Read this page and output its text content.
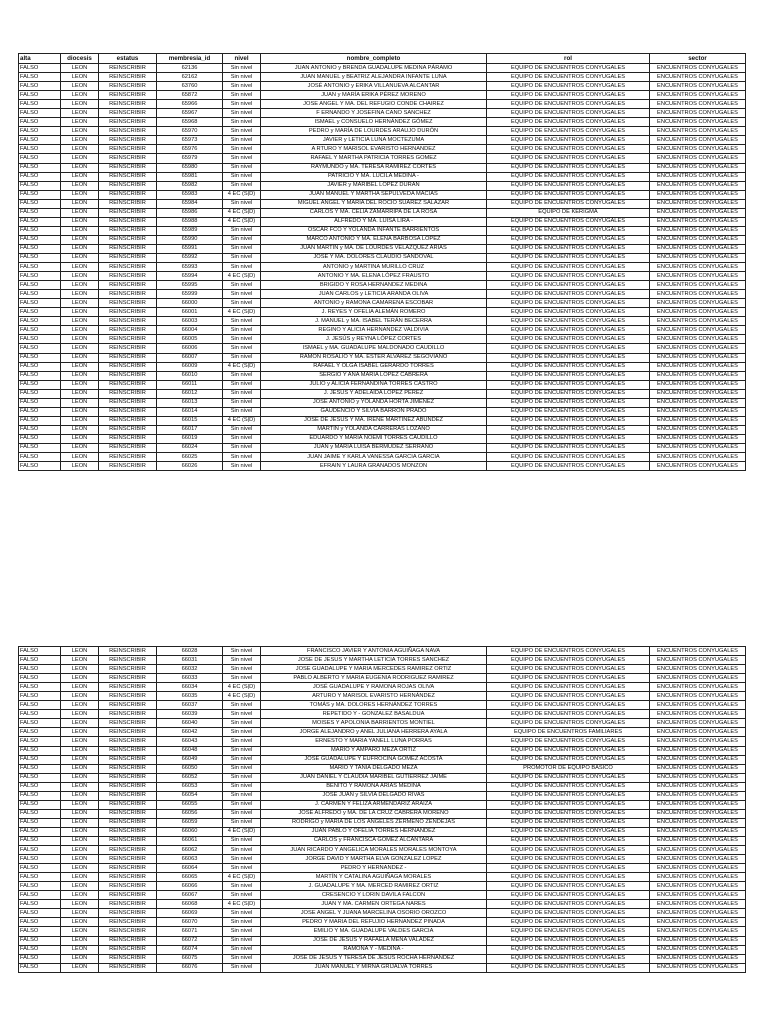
alta	diocesis	estatus	membresia_id	nivel	nombre_completo	rol	sector
FALSO	LEON	REINSCRIBIR	62136	Sin nivel	JUAN ANTONIO y BRENDA GUADALUPE MEDINA PÁRAMO	EQUIPO DE ENCUENTROS CONYUGALES	ENCUENTROS CONYUGALES
FALSO	LEON	REINSCRIBIR	62162	Sin nivel	JUAN MANUEL y BEATRIZ ALEJANDRA INFANTE LUNA	EQUIPO DE ENCUENTROS CONYUGALES	ENCUENTROS CONYUGALES
FALSO	LEON	REINSCRIBIR	63760	Sin nivel	JOSÉ ANTONIO y ERIKA VILLANUEVA ALCANTAR	EQUIPO DE ENCUENTROS CONYUGALES	ENCUENTROS CONYUGALES
FALSO	LEON	REINSCRIBIR	65872	Sin nivel	JUAN y MARÍA ERIKA PÉREZ MORENO	EQUIPO DE ENCUENTROS CONYUGALES	ENCUENTROS CONYUGALES
FALSO	LEON	REINSCRIBIR	65966	Sin nivel	JOSE ANGEL Y MA. DEL REFUGIO CONDE CHAIREZ	EQUIPO DE ENCUENTROS CONYUGALES	ENCUENTROS CONYUGALES
FALSO	LEON	REINSCRIBIR	65967	Sin nivel	F ERNANDO Y JOSEFINA CANO SANCHEZ	EQUIPO DE ENCUENTROS CONYUGALES	ENCUENTROS CONYUGALES
FALSO	LEON	REINSCRIBIR	65968	Sin nivel	ISMAEL y CONSUELO HERNÁNDEZ GÓMEZ	EQUIPO DE ENCUENTROS CONYUGALES	ENCUENTROS CONYUGALES
FALSO	LEON	REINSCRIBIR	65970	Sin nivel	PEDRO y MARÍA DE LOURDES ARAUJO DURÓN	EQUIPO DE ENCUENTROS CONYUGALES	ENCUENTROS CONYUGALES
FALSO	LEON	REINSCRIBIR	65973	Sin nivel	JAVIER y LETICIA LUNA MOCTEZUMA	EQUIPO DE ENCUENTROS CONYUGALES	ENCUENTROS CONYUGALES
FALSO	LEON	REINSCRIBIR	65976	Sin nivel	A RTURO Y MARISOL EVARISTO HERNANDEZ	EQUIPO DE ENCUENTROS CONYUGALES	ENCUENTROS CONYUGALES
FALSO	LEON	REINSCRIBIR	65979	Sin nivel	RAFAEL Y MARTHA PATRICIA TORRES GOMEZ	EQUIPO DE ENCUENTROS CONYUGALES	ENCUENTROS CONYUGALES
FALSO	LEON	REINSCRIBIR	65980	Sin nivel	RAYMUNDO y MA. TERESA RAMÍREZ CORTES	EQUIPO DE ENCUENTROS CONYUGALES	ENCUENTROS CONYUGALES
FALSO	LEON	REINSCRIBIR	65981	Sin nivel	PATRICIO Y MA. LUCILA MEDINA -	EQUIPO DE ENCUENTROS CONYUGALES	ENCUENTROS CONYUGALES
FALSO	LEON	REINSCRIBIR	65982	Sin nivel	JAVIER y MARIBEL LÓPEZ DURÁN	EQUIPO DE ENCUENTROS CONYUGALES	ENCUENTROS CONYUGALES
FALSO	LEON	REINSCRIBIR	65983	4 EC (S|D)	JUAN MANUEL Y MARTHA SEPULVEDA MACIAS	EQUIPO DE ENCUENTROS CONYUGALES	ENCUENTROS CONYUGALES
FALSO	LEON	REINSCRIBIR	65984	Sin nivel	MIGUEL ANGEL Y MARIA DEL ROCIO SUAREZ SALAZAR	EQUIPO DE ENCUENTROS CONYUGALES	ENCUENTROS CONYUGALES
FALSO	LEON	REINSCRIBIR	65986	4 EC (S|D)	CARLOS Y MA. CELIA ZAMARRIPA DE LA ROSA	EQUIPO DE KERIGMA	ENCUENTROS CONYUGALES
FALSO	LEON	REINSCRIBIR	65988	4 EC (S|D)	ALFREDO Y MA. LUISA LIRA -	EQUIPO DE ENCUENTROS CONYUGALES	ENCUENTROS CONYUGALES
FALSO	LEON	REINSCRIBIR	65989	Sin nivel	OSCAR FCO Y YOLANDA INFANTE BARRIENTOS	EQUIPO DE ENCUENTROS CONYUGALES	ENCUENTROS CONYUGALES
FALSO	LEON	REINSCRIBIR	65990	Sin nivel	MARCO ANTONIO Y MA. ELENA BARBOSA LOPEZ	EQUIPO DE ENCUENTROS CONYUGALES	ENCUENTROS CONYUGALES
FALSO	LEON	REINSCRIBIR	65991	Sin nivel	JUAN MARTIN y MA. DE LOURDES VELÁZQUEZ ARIAS	EQUIPO DE ENCUENTROS CONYUGALES	ENCUENTROS CONYUGALES
FALSO	LEON	REINSCRIBIR	65992	Sin nivel	JOSE Y MA. DOLORES CLAUDIO SANDOVAL	EQUIPO DE ENCUENTROS CONYUGALES	ENCUENTROS CONYUGALES
FALSO	LEON	REINSCRIBIR	65993	Sin nivel	ANTONIO y MARTINA MURILLO CRUZ	EQUIPO DE ENCUENTROS CONYUGALES	ENCUENTROS CONYUGALES
FALSO	LEON	REINSCRIBIR	65994	4 EC (S|D)	ANTONIO Y MA. ELENA LÓPEZ FRAUSTO	EQUIPO DE ENCUENTROS CONYUGALES	ENCUENTROS CONYUGALES
FALSO	LEON	REINSCRIBIR	65995	Sin nivel	BRIGIDO Y ROSA HERNANDEZ MEDINA	EQUIPO DE ENCUENTROS CONYUGALES	ENCUENTROS CONYUGALES
FALSO	LEON	REINSCRIBIR	65999	Sin nivel	JUAN CARLOS y LETICIA ARANDA OLIVA	EQUIPO DE ENCUENTROS CONYUGALES	ENCUENTROS CONYUGALES
FALSO	LEON	REINSCRIBIR	66000	Sin nivel	ANTONIO y RAMONA CAMARENA ESCOBAR	EQUIPO DE ENCUENTROS CONYUGALES	ENCUENTROS CONYUGALES
FALSO	LEON	REINSCRIBIR	66001	4 EC (S|D)	J. REYES Y OFELIA ALEMÁN ROMERO	EQUIPO DE ENCUENTROS CONYUGALES	ENCUENTROS CONYUGALES
FALSO	LEON	REINSCRIBIR	66003	Sin nivel	J. MANUEL y MA. ISABEL TERÁN BECERRA	EQUIPO DE ENCUENTROS CONYUGALES	ENCUENTROS CONYUGALES
FALSO	LEON	REINSCRIBIR	66004	Sin nivel	REGINO Y ALICIA HERNANDEZ VALDIVIA	EQUIPO DE ENCUENTROS CONYUGALES	ENCUENTROS CONYUGALES
FALSO	LEON	REINSCRIBIR	66005	Sin nivel	J. JESÚS y REYNA LÓPEZ CORTES	EQUIPO DE ENCUENTROS CONYUGALES	ENCUENTROS CONYUGALES
FALSO	LEON	REINSCRIBIR	66006	Sin nivel	ISMAEL y MA. GUADALUPE MALDONADO CAUDILLO	EQUIPO DE ENCUENTROS CONYUGALES	ENCUENTROS CONYUGALES
FALSO	LEON	REINSCRIBIR	66007	Sin nivel	RAMON ROSALIO Y MA. ESTER ALVAREZ SEGOVIANO	EQUIPO DE ENCUENTROS CONYUGALES	ENCUENTROS CONYUGALES
FALSO	LEON	REINSCRIBIR	66009	4 EC (S|D)	RAFAEL Y OLGA ISABEL GERARDO TORRES	EQUIPO DE ENCUENTROS CONYUGALES	ENCUENTROS CONYUGALES
FALSO	LEON	REINSCRIBIR	66010	Sin nivel	SERGIO Y ANA MARIA LOPEZ CABRERA	EQUIPO DE ENCUENTROS CONYUGALES	ENCUENTROS CONYUGALES
FALSO	LEON	REINSCRIBIR	66011	Sin nivel	JULIO y ALICIA FERNANDINA TORRES CASTRO	EQUIPO DE ENCUENTROS CONYUGALES	ENCUENTROS CONYUGALES
FALSO	LEON	REINSCRIBIR	66012	Sin nivel	J. JESUS Y ADELAIDA LOPEZ PEREZ	EQUIPO DE ENCUENTROS CONYUGALES	ENCUENTROS CONYUGALES
FALSO	LEON	REINSCRIBIR	66013	Sin nivel	JOSÉ ANTONIO y YOLANDA HORTA JIMÉNEZ	EQUIPO DE ENCUENTROS CONYUGALES	ENCUENTROS CONYUGALES
FALSO	LEON	REINSCRIBIR	66014	Sin nivel	GAUDENCIO Y SILVIA BARRON PRADO	EQUIPO DE ENCUENTROS CONYUGALES	ENCUENTROS CONYUGALES
FALSO	LEON	REINSCRIBIR	66015	4 EC (S|D)	JOSÉ DE JESÚS Y MA. IRENE MARTÍNEZ ABUNDEZ	EQUIPO DE ENCUENTROS CONYUGALES	ENCUENTROS CONYUGALES
FALSO	LEON	REINSCRIBIR	66017	Sin nivel	MARTÍN y YOLANDA CARRERAS LOZANO	EQUIPO DE ENCUENTROS CONYUGALES	ENCUENTROS CONYUGALES
FALSO	LEON	REINSCRIBIR	66019	Sin nivel	EDUARDO Y MARIA NOEMI TORRES CAUDILLO	EQUIPO DE ENCUENTROS CONYUGALES	ENCUENTROS CONYUGALES
FALSO	LEON	REINSCRIBIR	66024	Sin nivel	JUAN y MARÍA LUISA BERMÚDEZ SERRANO	EQUIPO DE ENCUENTROS CONYUGALES	ENCUENTROS CONYUGALES
FALSO	LEON	REINSCRIBIR	66025	Sin nivel	JUAN JAIME Y KARLA VANESSA GARCIA GARCIA	EQUIPO DE ENCUENTROS CONYUGALES	ENCUENTROS CONYUGALES
FALSO	LEON	REINSCRIBIR	66026	Sin nivel	EFRAIN Y LAURA GRANADOS MONZON	EQUIPO DE ENCUENTROS CONYUGALES	ENCUENTROS CONYUGALES
FALSO	LEON	REINSCRIBIR	66028	Sin nivel	FRANCISCO JAVIER Y ANTONIA AGUIÑAGA NAVA	EQUIPO DE ENCUENTROS CONYUGALES	ENCUENTROS CONYUGALES
FALSO	LEON	REINSCRIBIR	66031	Sin nivel	JOSE DE JESUS Y MARTHA LETICIA TORRES SANCHEZ	EQUIPO DE ENCUENTROS CONYUGALES	ENCUENTROS CONYUGALES
FALSO	LEON	REINSCRIBIR	66032	Sin nivel	JOSE GUADALUPE Y MARIA MERCEDES RAMIREZ ORTIZ	EQUIPO DE ENCUENTROS CONYUGALES	ENCUENTROS CONYUGALES
FALSO	LEON	REINSCRIBIR	66033	Sin nivel	PABLO ALBERTO Y MARIA EUGENIA RODRIGUEZ RAMIREZ	EQUIPO DE ENCUENTROS CONYUGALES	ENCUENTROS CONYUGALES
FALSO	LEON	REINSCRIBIR	66034	4 EC (S|D)	JOSÉ GUADALUPE Y RAMONA ROJAS OLIVA	EQUIPO DE ENCUENTROS CONYUGALES	ENCUENTROS CONYUGALES
FALSO	LEON	REINSCRIBIR	66035	4 EC (S|D)	ARTURO Y MARISOL EVARISTO HERNÁNDEZ	EQUIPO DE ENCUENTROS CONYUGALES	ENCUENTROS CONYUGALES
FALSO	LEON	REINSCRIBIR	66037	Sin nivel	TOMÁS y MA. DOLORES HERNÁNDEZ TORRES	EQUIPO DE ENCUENTROS CONYUGALES	ENCUENTROS CONYUGALES
FALSO	LEON	REINSCRIBIR	66039	Sin nivel	REPETIDO Y - GONZALEZ BASALDUA	EQUIPO DE ENCUENTROS CONYUGALES	ENCUENTROS CONYUGALES
FALSO	LEON	REINSCRIBIR	66040	Sin nivel	MOISES Y APOLONIA BARRIENTOS MONTIEL	EQUIPO DE ENCUENTROS CONYUGALES	ENCUENTROS CONYUGALES
FALSO	LEON	REINSCRIBIR	66042	Sin nivel	JORGE ALEJANDRO y ANEL JULIANA HERRERA AYALA	EQUIPO DE ENCUENTROS FAMILIARES	ENCUENTROS CONYUGALES
FALSO	LEON	REINSCRIBIR	66043	Sin nivel	ERNESTO Y MARIA YANELL LUNA PORRAS	EQUIPO DE ENCUENTROS CONYUGALES	ENCUENTROS CONYUGALES
FALSO	LEON	REINSCRIBIR	66048	Sin nivel	MARIO Y AMPARO MEZA ORTIZ	EQUIPO DE ENCUENTROS CONYUGALES	ENCUENTROS CONYUGALES
FALSO	LEON	REINSCRIBIR	66049	Sin nivel	JOSE GUADALUPE Y EUFROCINA GOMEZ ACOSTA	EQUIPO DE ENCUENTROS CONYUGALES	ENCUENTROS CONYUGALES
FALSO	LEON	REINSCRIBIR	66050	Sin nivel	MARIO Y TANIA DELGADO MEZA	PROMOTOR DE EQUIPO BASICO	ENCUENTROS CONYUGALES
FALSO	LEON	REINSCRIBIR	66052	Sin nivel	JUAN DANIEL Y CLAUDIA MARIBEL GUTIERREZ JAIME	EQUIPO DE ENCUENTROS CONYUGALES	ENCUENTROS CONYUGALES
FALSO	LEON	REINSCRIBIR	66053	Sin nivel	BENITO Y RAMONA ARIAS MEDINA	EQUIPO DE ENCUENTROS CONYUGALES	ENCUENTROS CONYUGALES
FALSO	LEON	REINSCRIBIR	66054	Sin nivel	JOSÉ JUAN y SILVIA DELGADO RIVAS	EQUIPO DE ENCUENTROS CONYUGALES	ENCUENTROS CONYUGALES
FALSO	LEON	REINSCRIBIR	66055	Sin nivel	J. CARMEN Y FELIZA ARMENDARIZ ARAIZA	EQUIPO DE ENCUENTROS CONYUGALES	ENCUENTROS CONYUGALES
FALSO	LEON	REINSCRIBIR	66056	Sin nivel	JOSÉ ALFREDO y MA. DE LA CRUZ CABRERA MORENO	EQUIPO DE ENCUENTROS CONYUGALES	ENCUENTROS CONYUGALES
FALSO	LEON	REINSCRIBIR	66059	Sin nivel	RODRIGO y MARÍA DE LOS ÁNGELES ZERMEÑO ZENDEJAS	EQUIPO DE ENCUENTROS CONYUGALES	ENCUENTROS CONYUGALES
FALSO	LEON	REINSCRIBIR	66060	4 EC (S|D)	JUAN PABLO Y OFELIA TORRES HERNÁNDEZ	EQUIPO DE ENCUENTROS CONYUGALES	ENCUENTROS CONYUGALES
FALSO	LEON	REINSCRIBIR	66061	Sin nivel	CARLOS y FRANCISCA GÓMEZ ALCANTARA	EQUIPO DE ENCUENTROS CONYUGALES	ENCUENTROS CONYUGALES
FALSO	LEON	REINSCRIBIR	66062	Sin nivel	JUAN RICARDO Y ANGELICA MORALES MORALES MONTOYA	EQUIPO DE ENCUENTROS CONYUGALES	ENCUENTROS CONYUGALES
FALSO	LEON	REINSCRIBIR	66063	Sin nivel	JORGE DAVID Y MARTHA ELVA GONZALEZ LOPEZ	EQUIPO DE ENCUENTROS CONYUGALES	ENCUENTROS CONYUGALES
FALSO	LEON	REINSCRIBIR	66064	Sin nivel	PEDRO Y HERNANDEZ -	EQUIPO DE ENCUENTROS CONYUGALES	ENCUENTROS CONYUGALES
FALSO	LEON	REINSCRIBIR	66065	4 EC (S|D)	MARTÍN Y CATALINA AGUIÑAGA MORALES	EQUIPO DE ENCUENTROS CONYUGALES	ENCUENTROS CONYUGALES
FALSO	LEON	REINSCRIBIR	66066	Sin nivel	J. GUADALUPE Y MA. MERCED RAMIREZ ORTIZ	EQUIPO DE ENCUENTROS CONYUGALES	ENCUENTROS CONYUGALES
FALSO	LEON	REINSCRIBIR	66067	Sin nivel	CRESENCIO Y LORIN DAVILA FALCON	EQUIPO DE ENCUENTROS CONYUGALES	ENCUENTROS CONYUGALES
FALSO	LEON	REINSCRIBIR	66068	4 EC (S|D)	JUAN Y MA. CARMEN ORTEGA NARES	EQUIPO DE ENCUENTROS CONYUGALES	ENCUENTROS CONYUGALES
FALSO	LEON	REINSCRIBIR	66069	Sin nivel	JOSE ANGEL Y JUANA MARCELINA OSORIO OROZCO	EQUIPO DE ENCUENTROS CONYUGALES	ENCUENTROS CONYUGALES
FALSO	LEON	REINSCRIBIR	66070	Sin nivel	PEDRO Y MARIA DEL REFUJIO HERNANDEZ PINADA	EQUIPO DE ENCUENTROS CONYUGALES	ENCUENTROS CONYUGALES
FALSO	LEON	REINSCRIBIR	66071	Sin nivel	EMILIO Y MA. GUADALUPE VALDES GARCIA	EQUIPO DE ENCUENTROS CONYUGALES	ENCUENTROS CONYUGALES
FALSO	LEON	REINSCRIBIR	66072	Sin nivel	JOSE DE JESUS Y RAFAELA MENA VALADEZ	EQUIPO DE ENCUENTROS CONYUGALES	ENCUENTROS CONYUGALES
FALSO	LEON	REINSCRIBIR	66074	Sin nivel	RAMONA Y - MEDINA -	EQUIPO DE ENCUENTROS CONYUGALES	ENCUENTROS CONYUGALES
FALSO	LEON	REINSCRIBIR	66075	Sin nivel	JOSE DE JESUS Y TERESA DE JESUS ROCHA HERNANDEZ	EQUIPO DE ENCUENTROS CONYUGALES	ENCUENTROS CONYUGALES
FALSO	LEON	REINSCRIBIR	66076	Sin nivel	JUAN MANUEL Y MIRNA GRIJALVA TORRES	EQUIPO DE ENCUENTROS CONYUGALES	ENCUENTROS CONYUGALES
